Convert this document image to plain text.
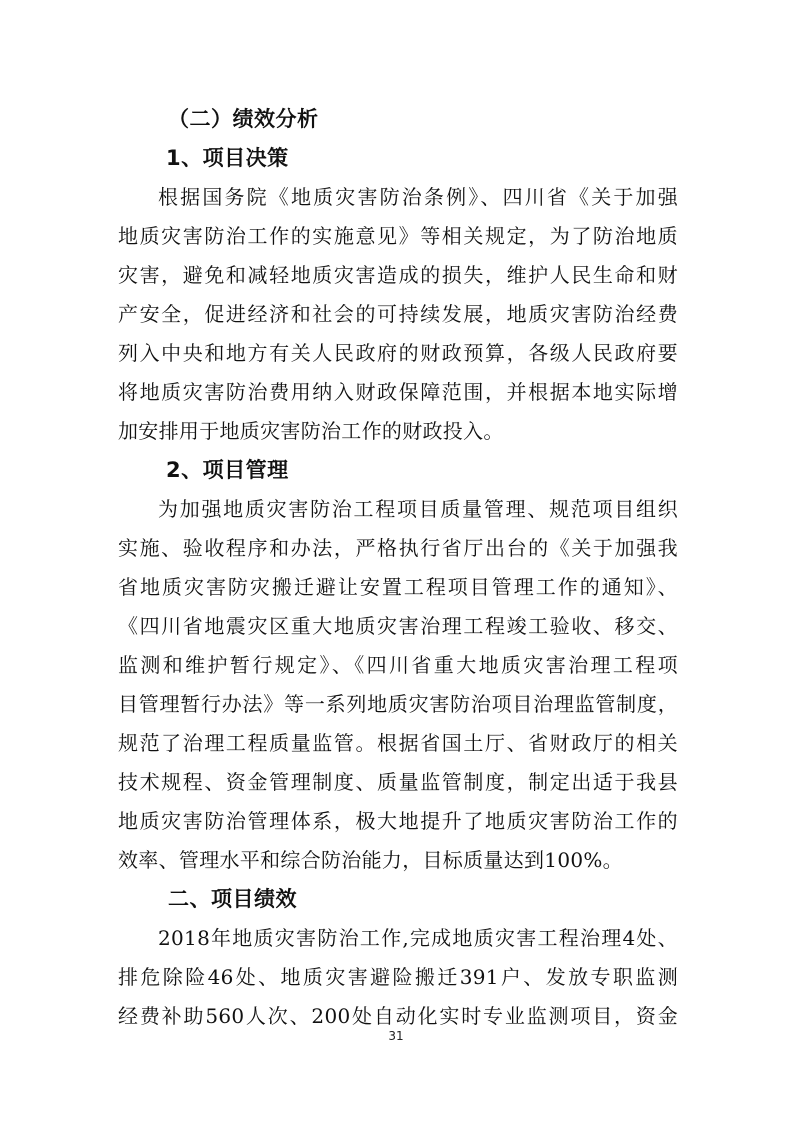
（二）绩效分析
1、项目决策

根据国务院《地质灾害防治条例》、四川省《关于加强
地质灾害防治工作的实施意见》等相关规定，为了防治地质
灾害，避免和减轻地质灾害造成的损失，维护人民生命和财
产安全，促进经济和社会的可持续发展，地质灾害防治经费
列入中央和地方有关人民政府的财政预算，各级人民政府要
将地质灾害防治费用纳入财政保障范围，并根据本地实际增
加安排用于地质灾害防治工作的财政投入。

2、项目管理

为加强地质灾害防治工程项目质量管理、规范项目组织
实施、验收程序和办法，严格执行省厅出台的《关于加强我
省地质灾害防灾搬迁避让安置工程项目管理工作的通知》、
《四川省地震灾区重大地质灾害治理工程竣工验收、移交、
监测和维护暂行规定》、《四川省重大地质灾害治理工程项
目管理暂行办法》等一系列地质灾害防治项目治理监管制度，
规范了治理工程质量监管。根据省国土厅、省财政厅的相关
技术规程、资金管理制度、质量监管制度，制定出适于我县
地质灾害防治管理体系，极大地提升了地质灾害防治工作的
效率、管理水平和综合防治能力，目标质量达到100%。

二、项目绩效

2018年地质灾害防治工作,完成地质灾害工程治理4处、
排危除险46处、地质灾害避险搬迁391户、发放专职监测
经费补助560人次、200处自动化实时专业监测项目，资金

31
